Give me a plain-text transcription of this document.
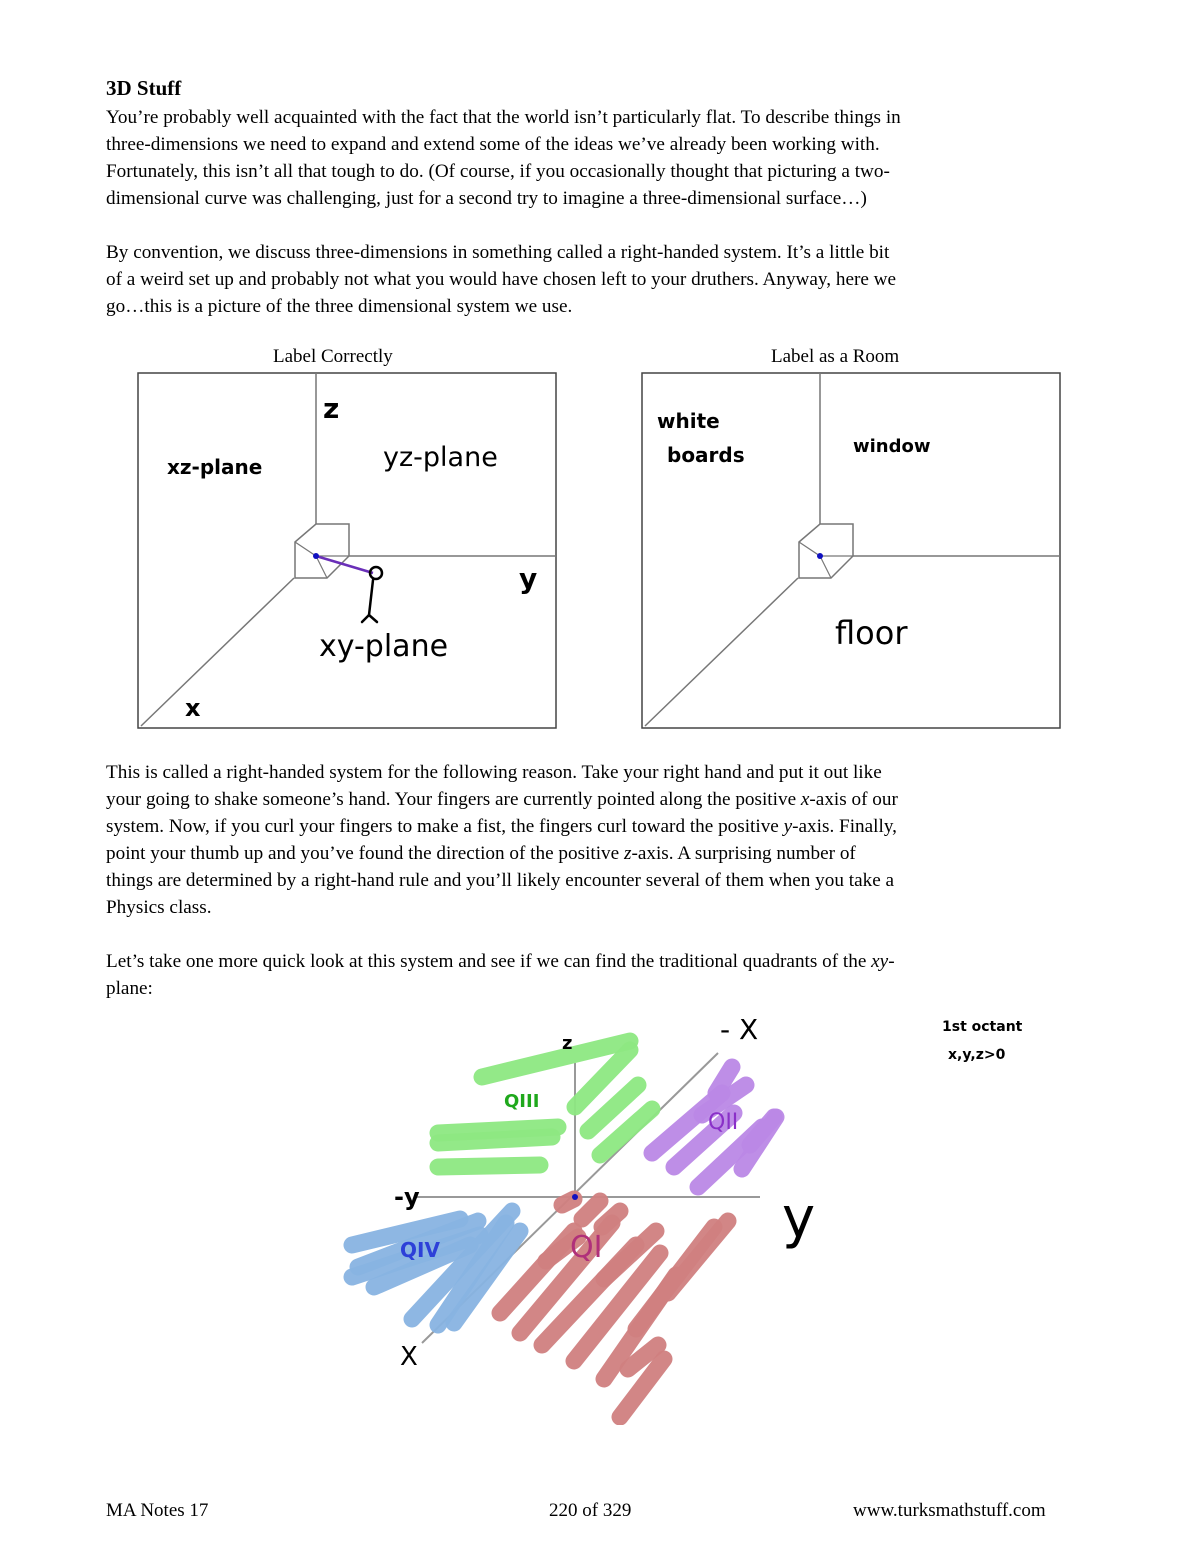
3D Stuff

You’re probably well acquainted with the fact that the world isn’t particularly flat. To describe things in
three-dimensions we need to expand and extend some of the ideas we’ve already been working with.
Fortunately, this isn’t all that tough to do. (Of course, if you occasionally thought that picturing a two-
dimensional curve was challenging, just for a second try to imagine a three-dimensional surface…)

By convention, we discuss three-dimensions in something called a right-handed system. It’s a little bit
of a weird set up and probably not what you would have chosen left to your druthers. Anyway, here we
go…this is a picture of the three dimensional system we use.

Label Correctly	Label as a Room
z
xz-plane	yz-plane
y
xy-plane
x
white
boards	window
floor

This is called a right-handed system for the following reason. Take your right hand and put it out like
your going to shake someone’s hand. Your fingers are currently pointed along the positive x-axis of our
system. Now, if you curl your fingers to make a fist, the fingers curl toward the positive y-axis. Finally,
point your thumb up and you’ve found the direction of the positive z-axis. A surprising number of
things are determined by a right-hand rule and you’ll likely encounter several of them when you take a
Physics class.

Let’s take one more quick look at this system and see if we can find the traditional quadrants of the xy-
plane:

QIII
QII
QI
QIV
z	- X
-y	y
X
1st octant
x,y,z>0
MA Notes 17	220 of 329	www.turksmathstuff.com
